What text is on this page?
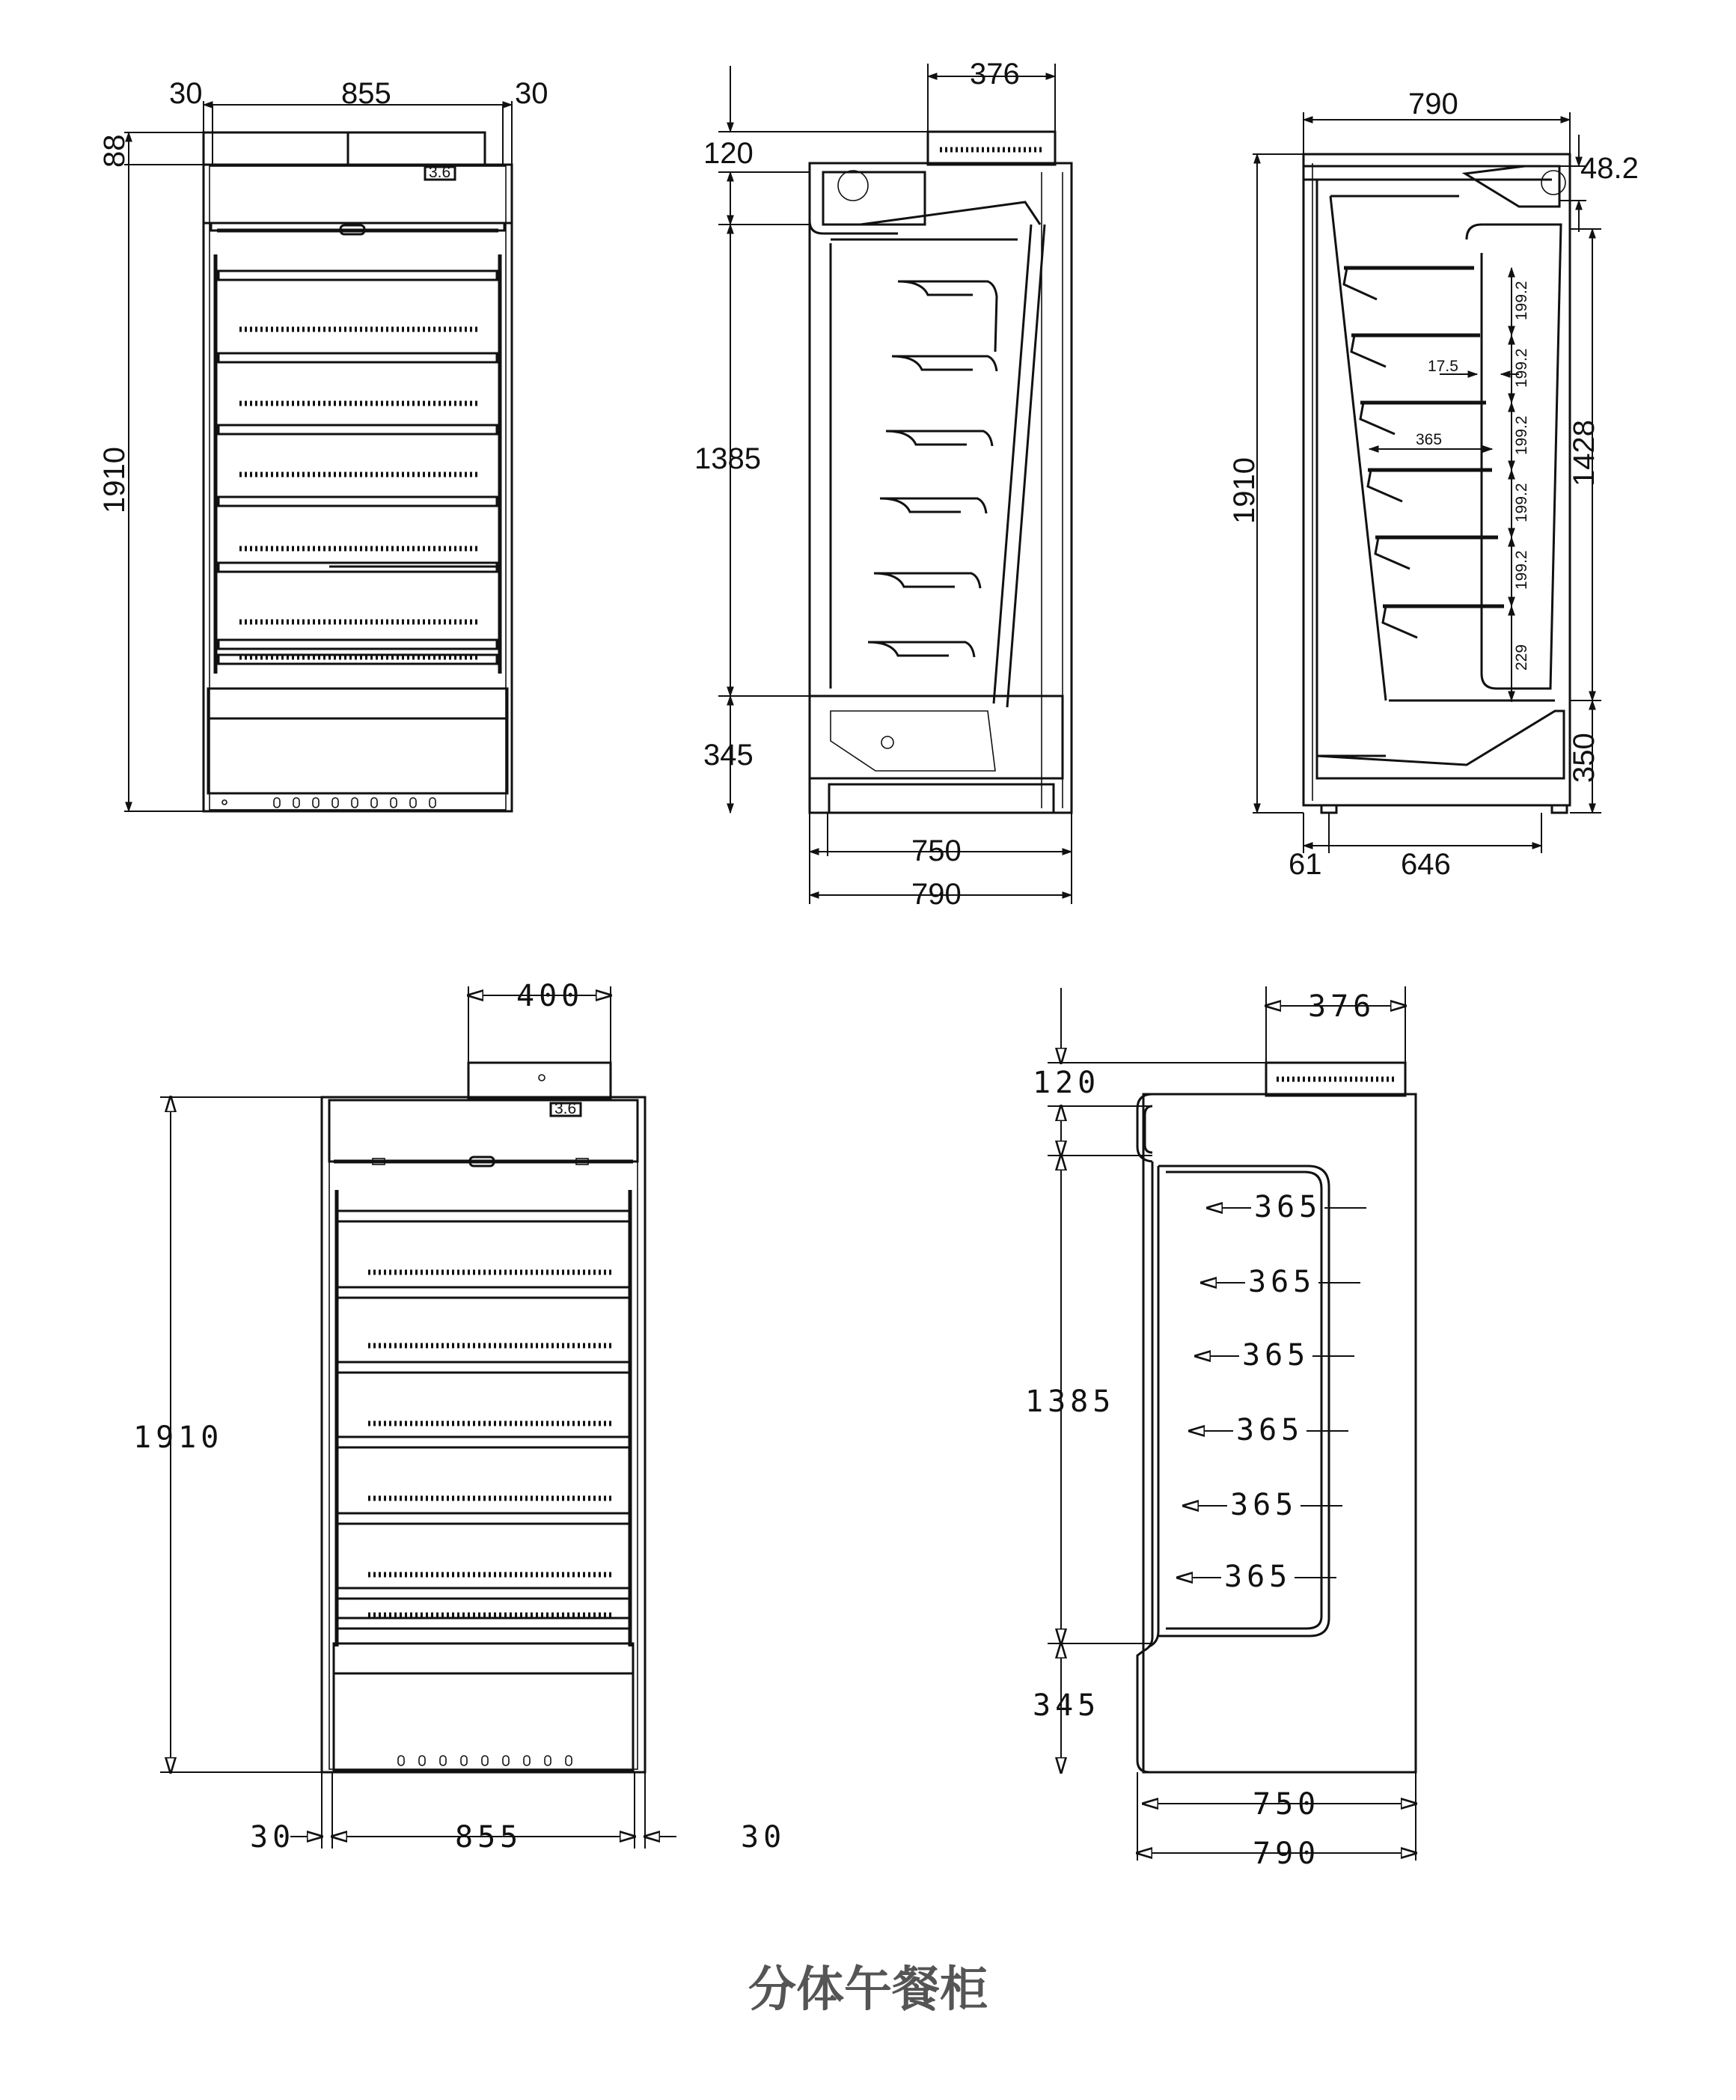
3.6
30	855	30
88
1910
376
120
1385
345
750
790
199.2
199.2
199.2
199.2
199.2
229
17.5
365
790
48.2
1910
1428
350
61	646
3.6
400
1910
30	855	30
365
365
365
365
365
365
376
120
1385
345
750
790
分体午餐柜
